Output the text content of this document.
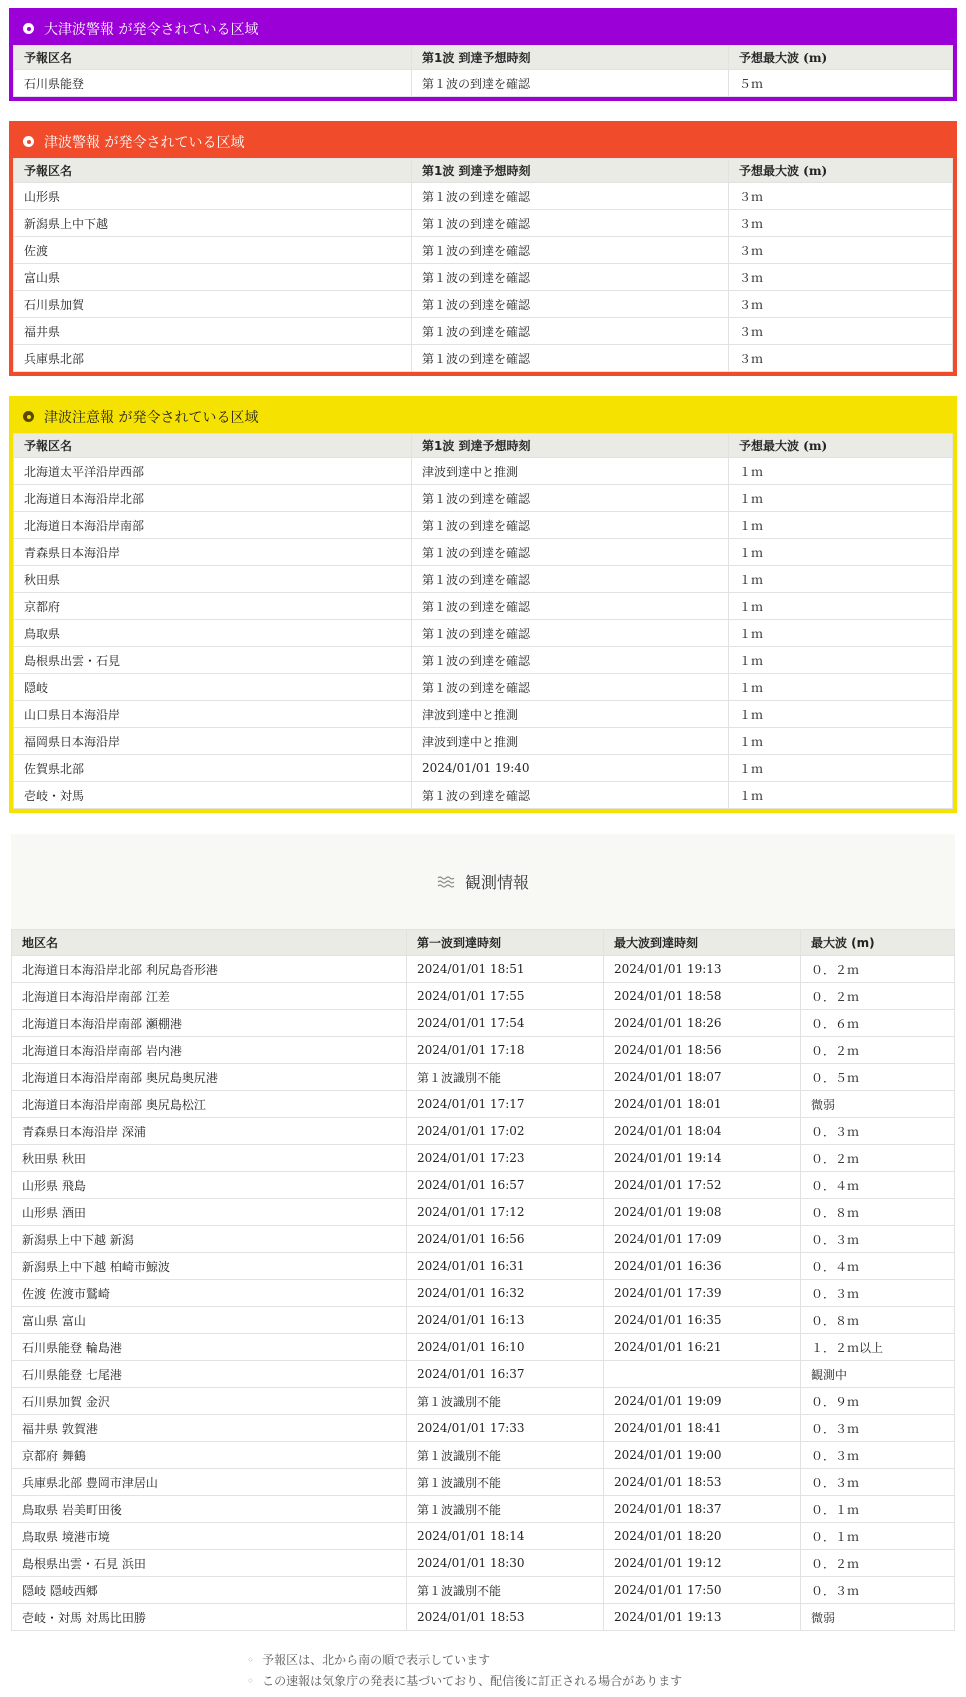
大津波警報 が発令されている区域
予報区名	第1波 到達予想時刻	予想最大波 (m)
石川県能登	第１波の到達を確認	５ｍ
津波警報 が発令されている区域
予報区名	第1波 到達予想時刻	予想最大波 (m)
山形県	第１波の到達を確認	３ｍ
新潟県上中下越	第１波の到達を確認	３ｍ
佐渡	第１波の到達を確認	３ｍ
富山県	第１波の到達を確認	３ｍ
石川県加賀	第１波の到達を確認	３ｍ
福井県	第１波の到達を確認	３ｍ
兵庫県北部	第１波の到達を確認	３ｍ
津波注意報 が発令されている区域
予報区名	第1波 到達予想時刻	予想最大波 (m)
北海道太平洋沿岸西部	津波到達中と推測	１ｍ
北海道日本海沿岸北部	第１波の到達を確認	１ｍ
北海道日本海沿岸南部	第１波の到達を確認	１ｍ
青森県日本海沿岸	第１波の到達を確認	１ｍ
秋田県	第１波の到達を確認	１ｍ
京都府	第１波の到達を確認	１ｍ
鳥取県	第１波の到達を確認	１ｍ
島根県出雲・石見	第１波の到達を確認	１ｍ
隠岐	第１波の到達を確認	１ｍ
山口県日本海沿岸	津波到達中と推測	１ｍ
福岡県日本海沿岸	津波到達中と推測	１ｍ
佐賀県北部	2024/01/01 19:40	１ｍ
壱岐・対馬	第１波の到達を確認	１ｍ
観測情報
地区名	第一波到達時刻	最大波到達時刻	最大波 (m)
北海道日本海沿岸北部 利尻島沓形港	2024/01/01 18:51	2024/01/01 19:13	０．２ｍ
北海道日本海沿岸南部 江差	2024/01/01 17:55	2024/01/01 18:58	０．２ｍ
北海道日本海沿岸南部 瀬棚港	2024/01/01 17:54	2024/01/01 18:26	０．６ｍ
北海道日本海沿岸南部 岩内港	2024/01/01 17:18	2024/01/01 18:56	０．２ｍ
北海道日本海沿岸南部 奥尻島奥尻港	第１波識別不能	2024/01/01 18:07	０．５ｍ
北海道日本海沿岸南部 奥尻島松江	2024/01/01 17:17	2024/01/01 18:01	微弱
青森県日本海沿岸 深浦	2024/01/01 17:02	2024/01/01 18:04	０．３ｍ
秋田県 秋田	2024/01/01 17:23	2024/01/01 19:14	０．２ｍ
山形県 飛島	2024/01/01 16:57	2024/01/01 17:52	０．４ｍ
山形県 酒田	2024/01/01 17:12	2024/01/01 19:08	０．８ｍ
新潟県上中下越 新潟	2024/01/01 16:56	2024/01/01 17:09	０．３ｍ
新潟県上中下越 柏崎市鯨波	2024/01/01 16:31	2024/01/01 16:36	０．４ｍ
佐渡 佐渡市鷲崎	2024/01/01 16:32	2024/01/01 17:39	０．３ｍ
富山県 富山	2024/01/01 16:13	2024/01/01 16:35	０．８ｍ
石川県能登 輪島港	2024/01/01 16:10	2024/01/01 16:21	１．２ｍ以上
石川県能登 七尾港	2024/01/01 16:37		観測中
石川県加賀 金沢	第１波識別不能	2024/01/01 19:09	０．９ｍ
福井県 敦賀港	2024/01/01 17:33	2024/01/01 18:41	０．３ｍ
京都府 舞鶴	第１波識別不能	2024/01/01 19:00	０．３ｍ
兵庫県北部 豊岡市津居山	第１波識別不能	2024/01/01 18:53	０．３ｍ
鳥取県 岩美町田後	第１波識別不能	2024/01/01 18:37	０．１ｍ
鳥取県 境港市境	2024/01/01 18:14	2024/01/01 18:20	０．１ｍ
島根県出雲・石見 浜田	2024/01/01 18:30	2024/01/01 19:12	０．２ｍ
隠岐 隠岐西郷	第１波識別不能	2024/01/01 17:50	０．３ｍ
壱岐・対馬 対馬比田勝	2024/01/01 18:53	2024/01/01 19:13	微弱
◦ 予報区は、北から南の順で表示しています
◦ この速報は気象庁の発表に基づいており、配信後に訂正される場合があります
